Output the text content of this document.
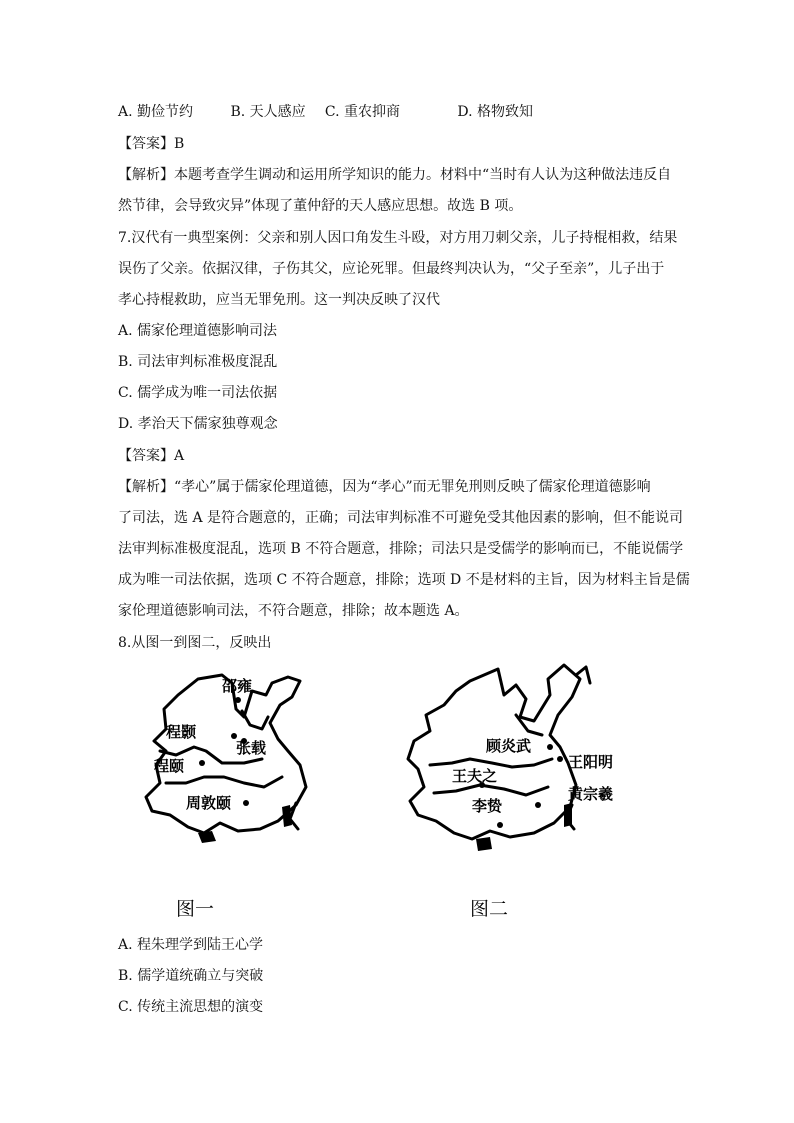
A. 勤俭节约	B. 天人感应 C. 重农抑商	D. 格物致知
【答案】B
【解析】本题考查学生调动和运用所学知识的能力。材料中“当时有人认为这种做法违反自
然节律，会导致灾异”体现了董仲舒的天人感应思想。故选 B 项。
7.汉代有一典型案例：父亲和别人因口角发生斗殴，对方用刀刺父亲，儿子持棍相救，结果
误伤了父亲。依据汉律，子伤其父，应论死罪。但最终判决认为，“父子至亲”，儿子出于
孝心持棍救助，应当无罪免刑。这一判决反映了汉代
A. 儒家伦理道德影响司法
B. 司法审判标准极度混乱
C. 儒学成为唯一司法依据
D. 孝治天下儒家独尊观念
【答案】A
【解析】“孝心”属于儒家伦理道德，因为“孝心”而无罪免刑则反映了儒家伦理道德影响
了司法，选 A 是符合题意的，正确；司法审判标准不可避免受其他因素的影响，但不能说司
法审判标准极度混乱，选项 B 不符合题意，排除；司法只是受儒学的影响而已，不能说儒学
成为唯一司法依据，选项 C 不符合题意，排除；选项 D 不是材料的主旨，因为材料主旨是儒
家伦理道德影响司法，不符合题意，排除；故本题选 A。
8.从图一到图二，反映出
邵雍
程颢
张载
程颐
周敦颐
图一
顾炎武
王阳明
王夫之
李贽
黄宗羲
图二
A. 程朱理学到陆王心学
B. 儒学道统确立与突破
C. 传统主流思想的演变
